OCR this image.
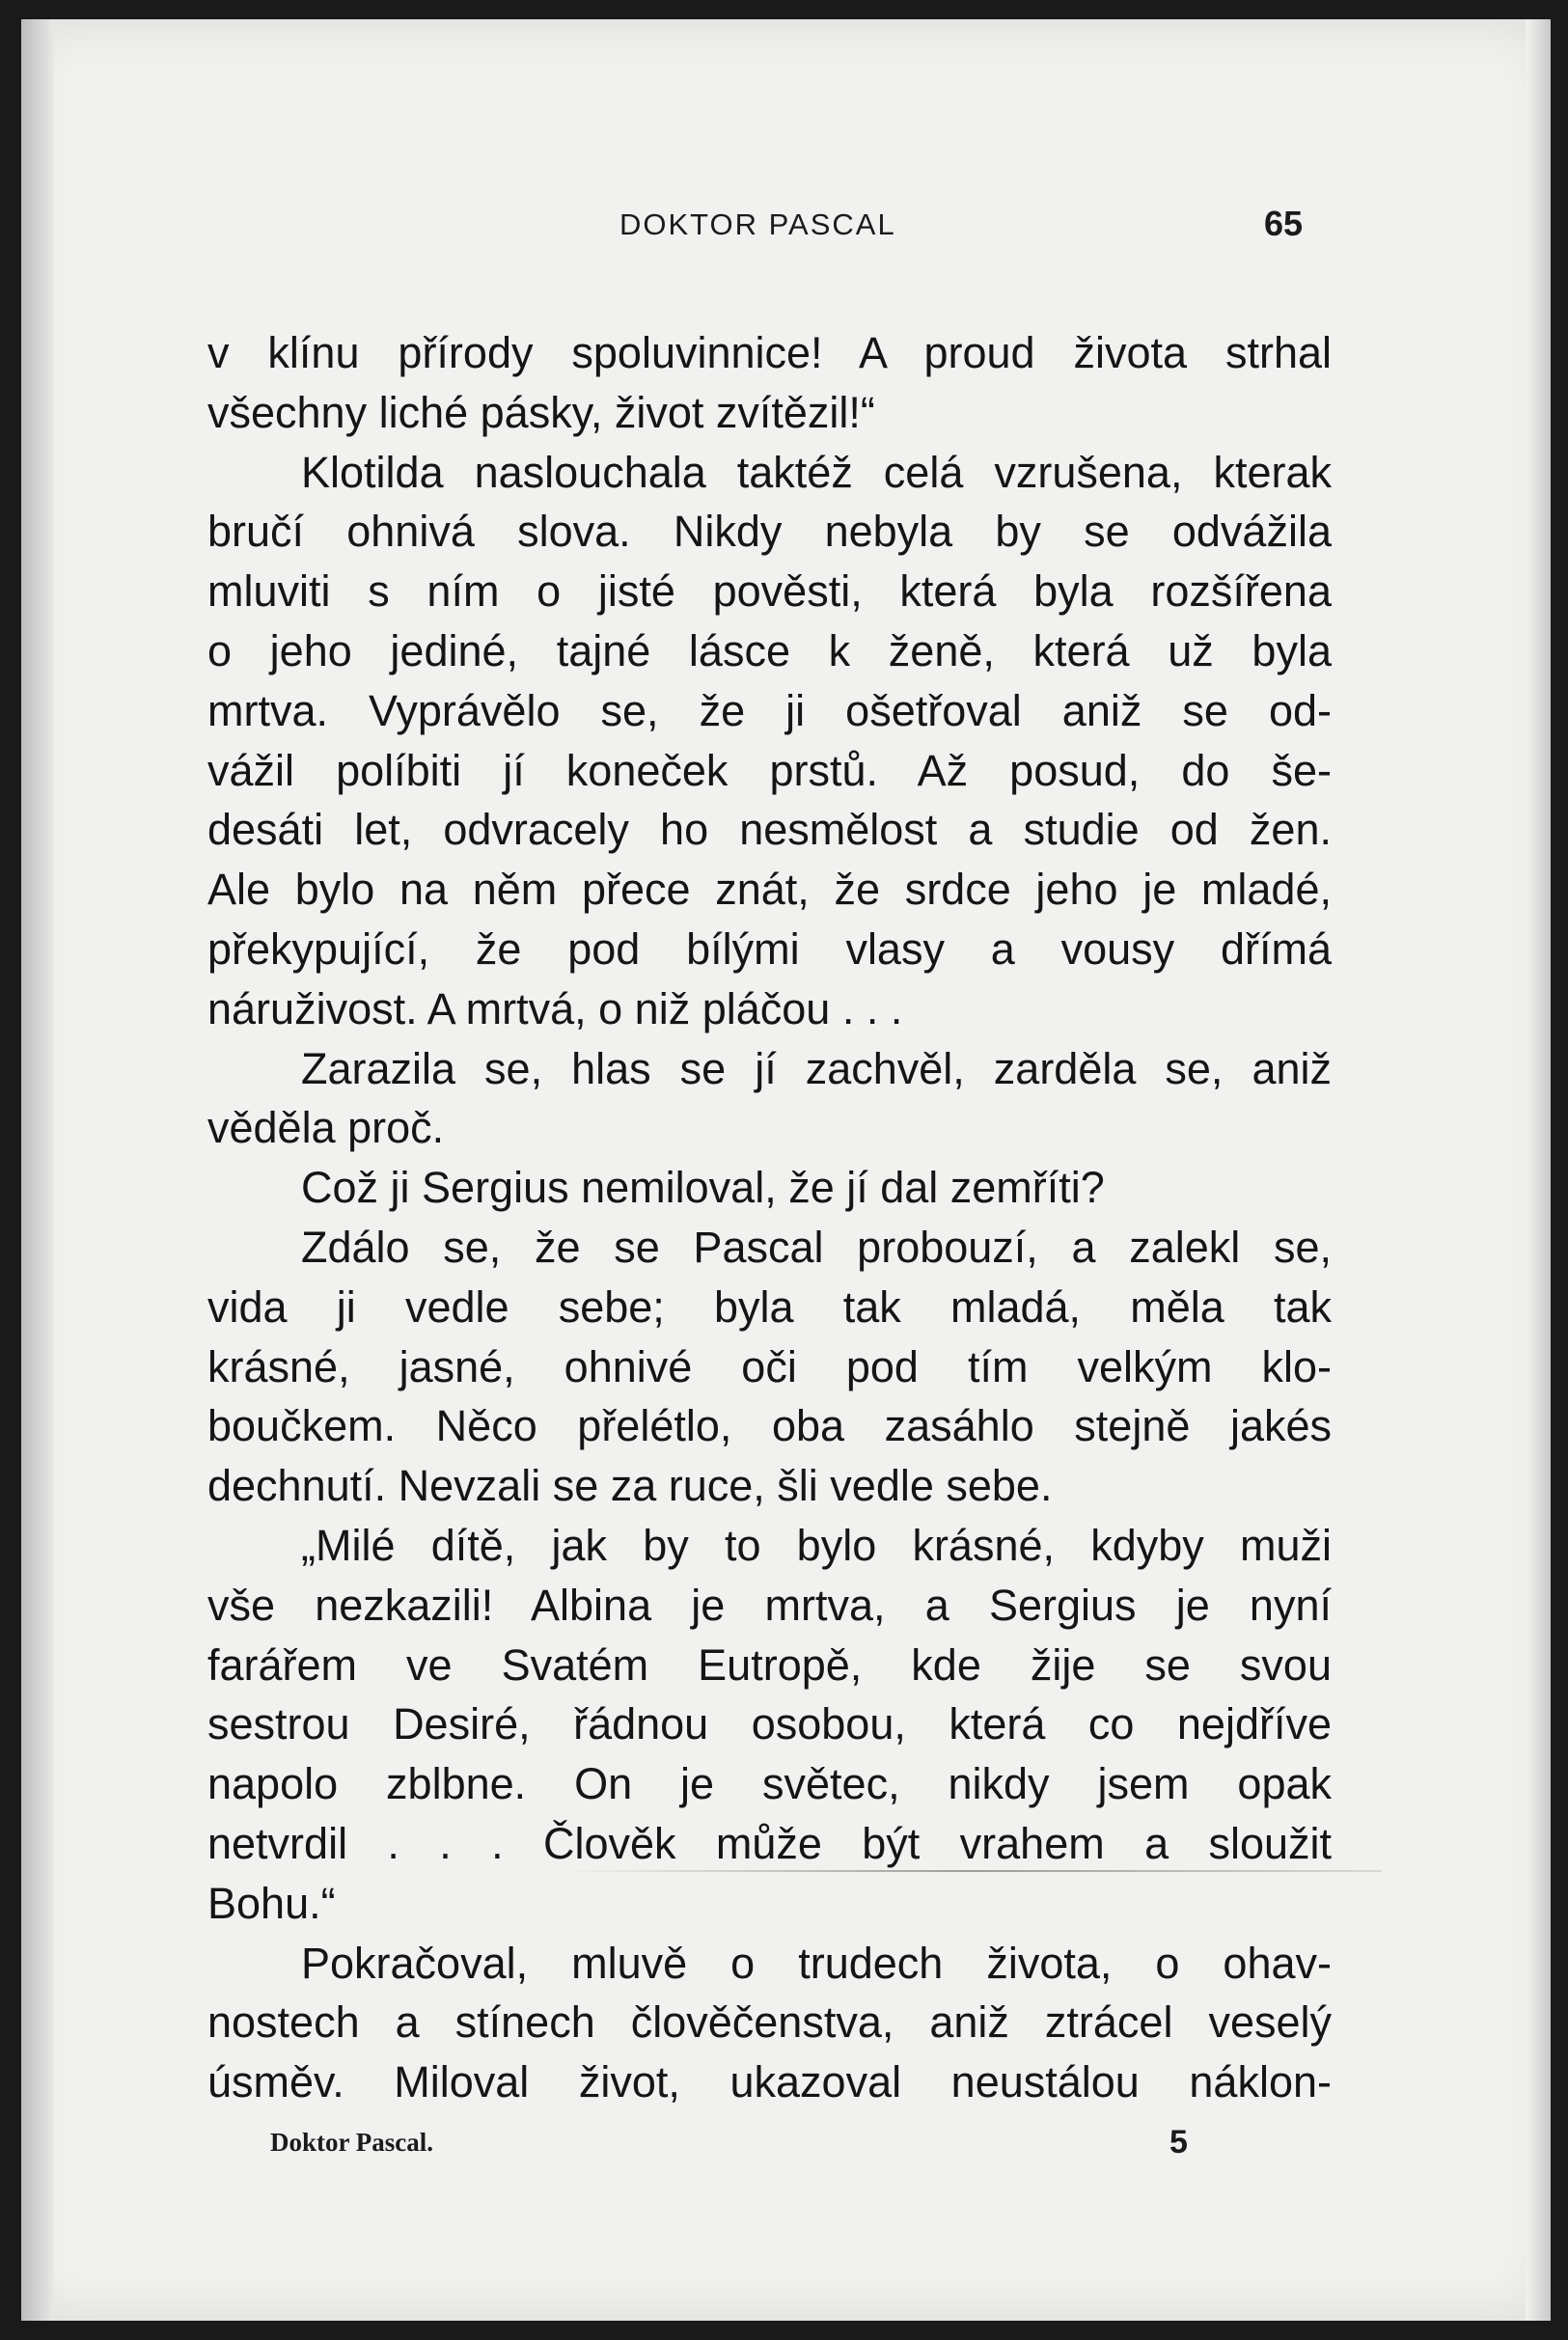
DOKTOR PASCAL	65
v klínu přírody spoluvinnice! A proud života strhal
všechny liché pásky, život zvítězil!“
Klotilda naslouchala taktéž celá vzrušena, kterak
bručí ohnivá slova. Nikdy nebyla by se odvážila
mluviti s ním o jisté pověsti, která byla rozšířena
o jeho jediné, tajné lásce k ženě, která už byla
mrtva. Vyprávělo se, že ji ošetřoval aniž se od-
vážil políbiti jí koneček prstů. Až posud, do še-
desáti let, odvracely ho nesmělost a studie od žen.
Ale bylo na něm přece znát, že srdce jeho je mladé,
překypující, že pod bílými vlasy a vousy dřímá
náruživost. A mrtvá, o niž pláčou . . .
Zarazila se, hlas se jí zachvěl, zarděla se, aniž
věděla proč.
Což ji Sergius nemiloval, že jí dal zemříti?
Zdálo se, že se Pascal probouzí, a zalekl se,
vida ji vedle sebe; byla tak mladá, měla tak
krásné, jasné, ohnivé oči pod tím velkým klo-
boučkem. Něco přelétlo, oba zasáhlo stejně jakés
dechnutí. Nevzali se za ruce, šli vedle sebe.
„Milé dítě, jak by to bylo krásné, kdyby muži
vše nezkazili! Albina je mrtva, a Sergius je nyní
farářem ve Svatém Eutropě, kde žije se svou
sestrou Desiré, řádnou osobou, která co nejdříve
napolo zblbne. On je světec, nikdy jsem opak
netvrdil . . . Člověk může být vrahem a sloužit
Bohu.“
Pokračoval, mluvě o trudech života, o ohav-
nostech a stínech člověčenstva, aniž ztrácel veselý
úsměv. Miloval život, ukazoval neustálou náklon-
Doktor Pascal.	5
